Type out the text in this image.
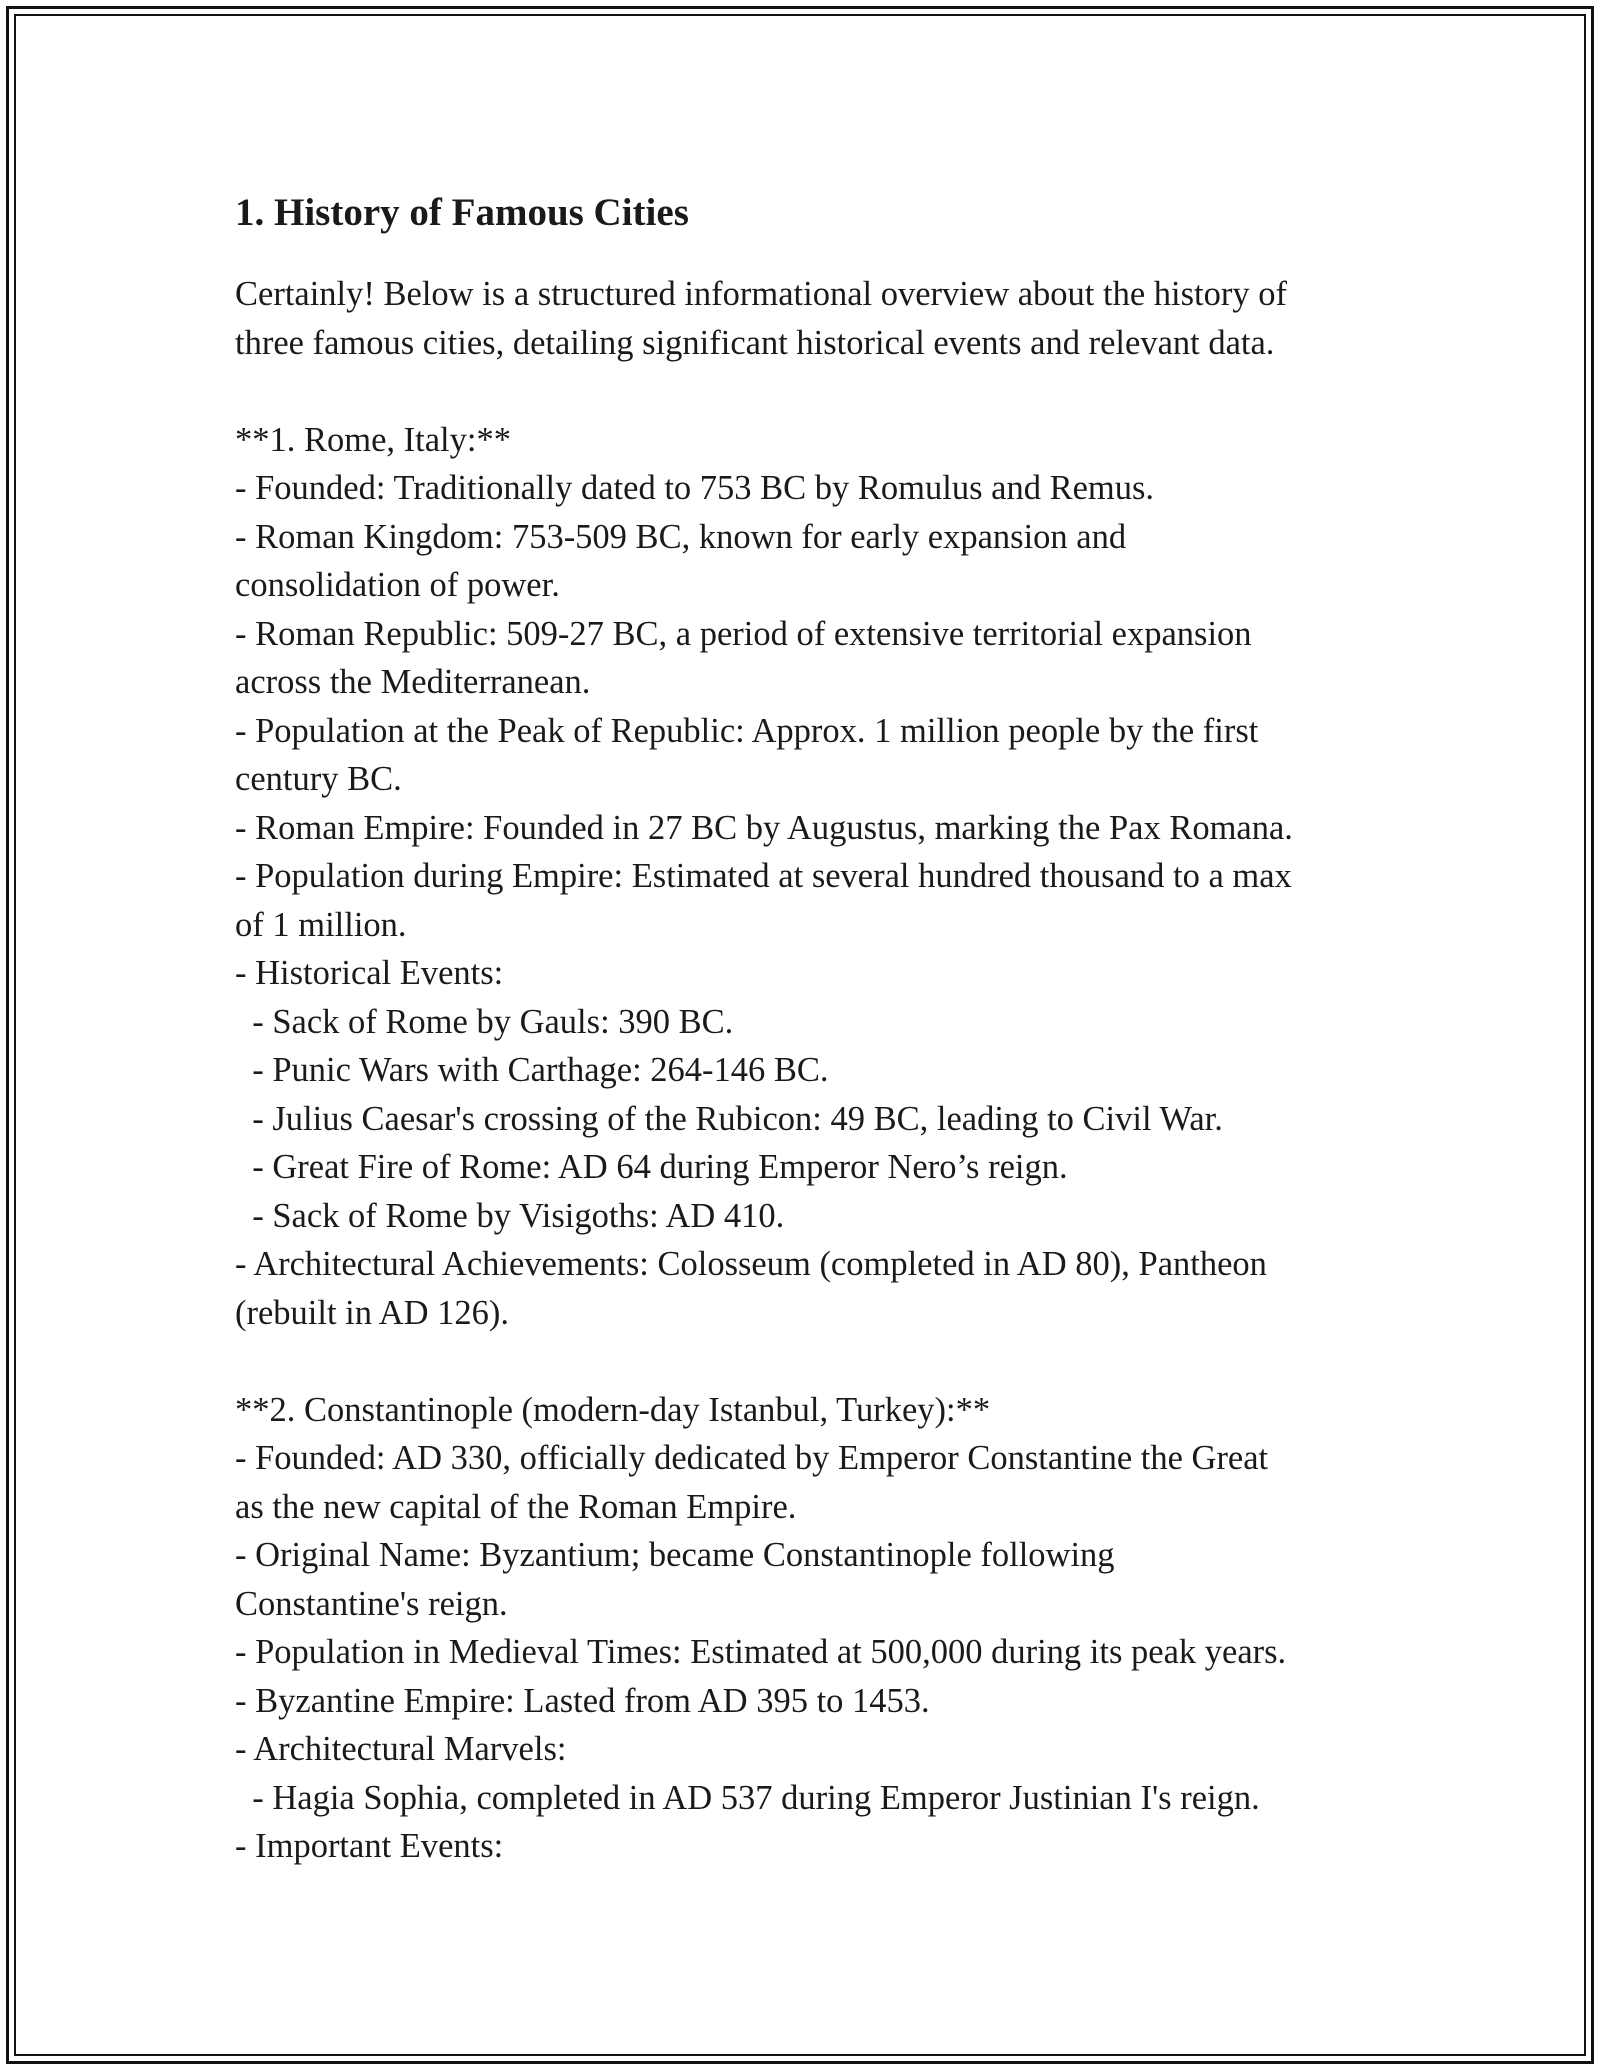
1. History of Famous Cities

Certainly! Below is a structured informational overview about the history of

three famous cities, detailing significant historical events and relevant data.

**1. Rome, Italy:**

- Founded: Traditionally dated to 753 BC by Romulus and Remus.

- Roman Kingdom: 753-509 BC, known for early expansion and

consolidation of power.

- Roman Republic: 509-27 BC, a period of extensive territorial expansion

across the Mediterranean.

- Population at the Peak of Republic: Approx. 1 million people by the first

century BC.

- Roman Empire: Founded in 27 BC by Augustus, marking the Pax Romana.

- Population during Empire: Estimated at several hundred thousand to a max

of 1 million.

- Historical Events:

- Sack of Rome by Gauls: 390 BC.

- Punic Wars with Carthage: 264-146 BC.

- Julius Caesar's crossing of the Rubicon: 49 BC, leading to Civil War.

- Great Fire of Rome: AD 64 during Emperor Nero’s reign.

- Sack of Rome by Visigoths: AD 410.

- Architectural Achievements: Colosseum (completed in AD 80), Pantheon

(rebuilt in AD 126).

**2. Constantinople (modern-day Istanbul, Turkey):**

- Founded: AD 330, officially dedicated by Emperor Constantine the Great

as the new capital of the Roman Empire.

- Original Name: Byzantium; became Constantinople following

Constantine's reign.

- Population in Medieval Times: Estimated at 500,000 during its peak years.

- Byzantine Empire: Lasted from AD 395 to 1453.

- Architectural Marvels:

- Hagia Sophia, completed in AD 537 during Emperor Justinian I's reign.

- Important Events:
